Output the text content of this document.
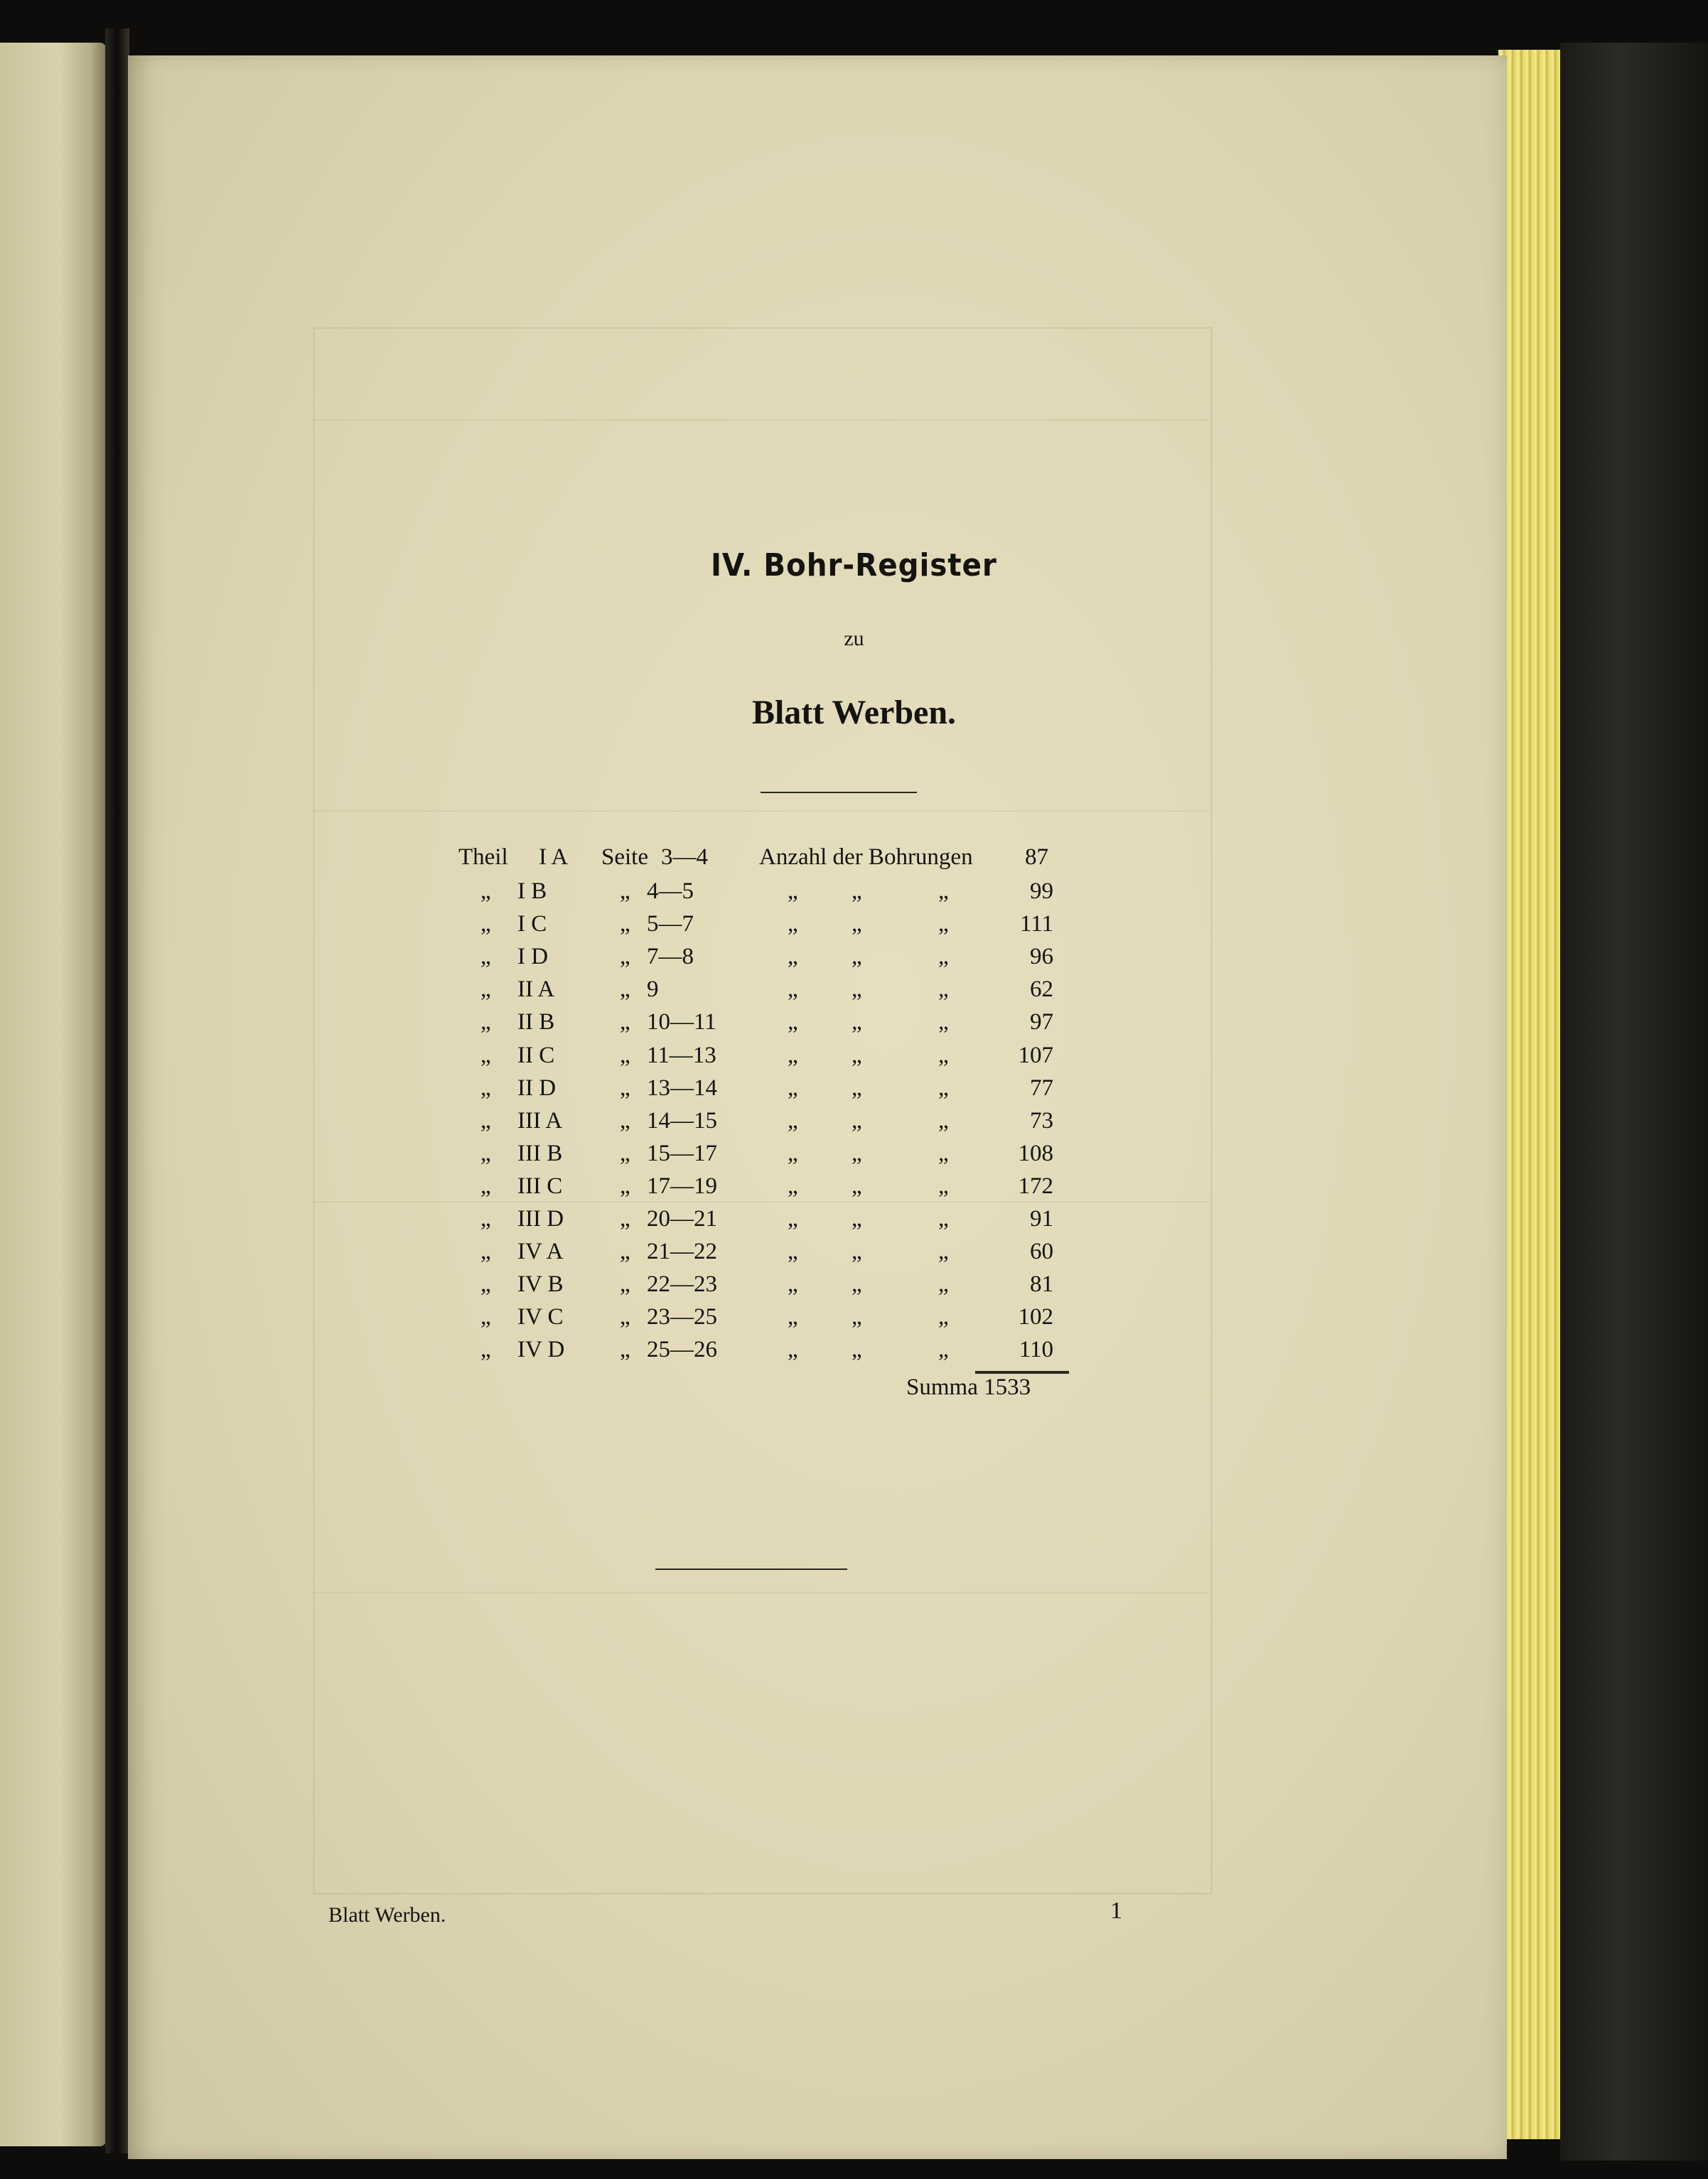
IV. Bohr-Register
zu
Blatt Werben.
Theil I A Seite 3—4 Anzahl der Bohrungen 87
„ I B	„ 4—5	„ „	„	99
„ I C	„ 5—7	„ „	„	111
„ I D	„ 7—8	„ „	„	96
„ II A	„ 9	„ „	„	62
„ II B	„ 10—11	„ „	„	97
„ II C	„ 11—13	„ „	„	107
„ II D	„ 13—14	„ „	„	77
„ III A „ 14—15	„ „	„	73
„ III B „ 15—17	„ „	„	108
„ III C „ 17—19	„ „	„	172
„ III D „ 20—21	„ „	„	91
„ IV A „ 21—22	„ „	„	60
„ IV B „ 22—23	„ „	„	81
„ IV C „ 23—25	„ „	„	102
„ IV D „ 25—26	„ „	„	110
Summa 1533
Blatt Werben.	1
